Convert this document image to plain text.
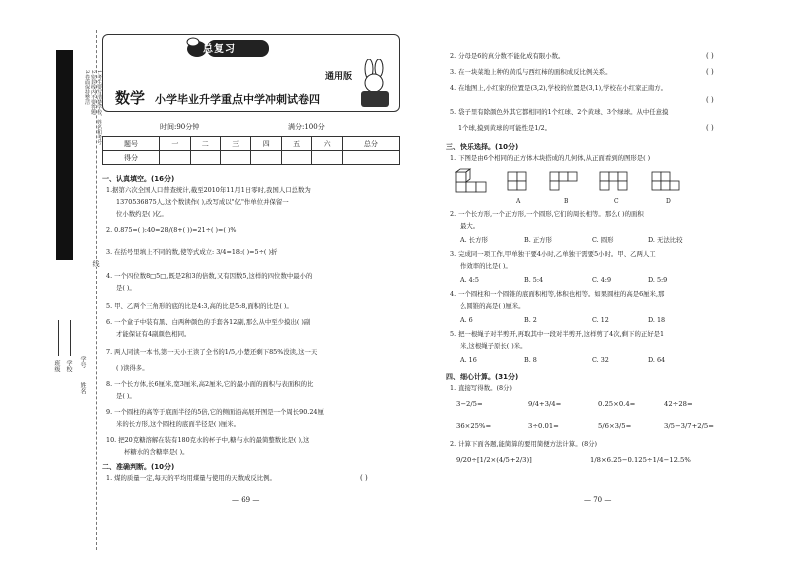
1.考生要写清楚学校、姓名和考号
2.密封线内不要答题
3.卷面保持整洁
线
学校
班级	学号
姓名
总复习
通用版
数学 小学毕业升学重点中学冲刺试卷四
时间:90分钟	满分:100分
题号	一	二	三	四	五	六	总分
得分							
一、认真填空。(16分)
1.据第六次全国人口普查统计,截至2010年11月1日零时,我国人口总数为
1370536875人,这个数读作( ),改写成以"亿"作单位并保留一
位小数约是( )亿。
2. 0.875=( ):40=28/(8+( ))=21÷( )=( )%
3. 在括号里填上不同的数,使等式成立: 3/4=18:( )=5÷( )折
4. 一个四位数8□5□,既是2和3的倍数,又有因数5,这样的四位数中最小的
是( )。
5. 甲、乙两个三角形的底的比是4:3,高的比是5:8,面积的比是( )。
6. 一个盒子中装有黑、白两种颜色的手套各12副,那么从中至少摸出( )副
才能保证有4副颜色相同。
7. 两人同读一本书,第一天小王读了全书的1/5,小楚还剩下85%没读,这一天
( )读得多。
8. 一个长方体,长6厘米,宽3厘米,高2厘米,它的最小面的面积与表面积的比
是( )。
9. 一个圆柱的高等于底面半径的5倍,它的侧面沿高展开图是一个周长90.24厘
米的长方形,这个圆柱的底面半径是( )厘米。
10. 把20克糖溶解在装有180克水的杯子中,糖与水的最简整数比是( ),这
杯糖水的含糖率是( )。
二、准确判断。(10分)
1. 煤的质量一定,每天的平均用煤量与使用的天数成反比例。	( )
— 69 —
2. 分母是6的真分数不能化成有限小数。	( )
3. 在一块菜地上种的黄瓜与西红柿的面积成反比例关系。	( )
4. 在地图上,小红家的位置是(3,2),学校的位置是(3,1),学校在小红家正南方。
( )
5. 袋子里有除颜色外其它都相同的1个红球、2个黄球、3个绿球。从中任意摸
1个球,摸到黄球的可能性是1/2。	( )
三、快乐选择。(10分)
1. 下图是由6个相同的正方体木块搭成的几何体,从正面看到的图形是( )
A	B	C	D
2. 一个长方形,一个正方形,一个圆形,它们的周长相等。那么( )的面积
最大。
A. 长方形	B. 正方形	C. 圆形	D. 无法比较
3. 完成同一项工作,甲单独干要4小时,乙单独干需要5小时。甲、乙两人工
作效率的比是( )。
A. 4:5	B. 5:4	C. 4:9	D. 5:9
4. 一个圆柱和一个圆锥的底面积相等,体积也相等。如果圆柱的高是6厘米,那
么圆锥的高是( )厘米。
A. 6	B. 2	C. 12	D. 18
5. 把一根绳子对半剪开,再取其中一段对半剪开,这样剪了4次,剩下的正好是1
米,这根绳子原长( )米。
A. 16	B. 8	C. 32	D. 64
四、细心计算。(31分)
1. 直接写得数。(8分)
3−2/5=	9/4+3/4=	0.25×0.4=	42÷28=
36×25%=	3÷0.01=	5/6×3/5=	3/5−3/7+2/5=
2. 计算下面各题,能简算的要用简便方法计算。(8分)
9/20÷[1/2×(4/5+2/3)]	1/8×6.25−0.125÷1/4−12.5%
— 70 —
